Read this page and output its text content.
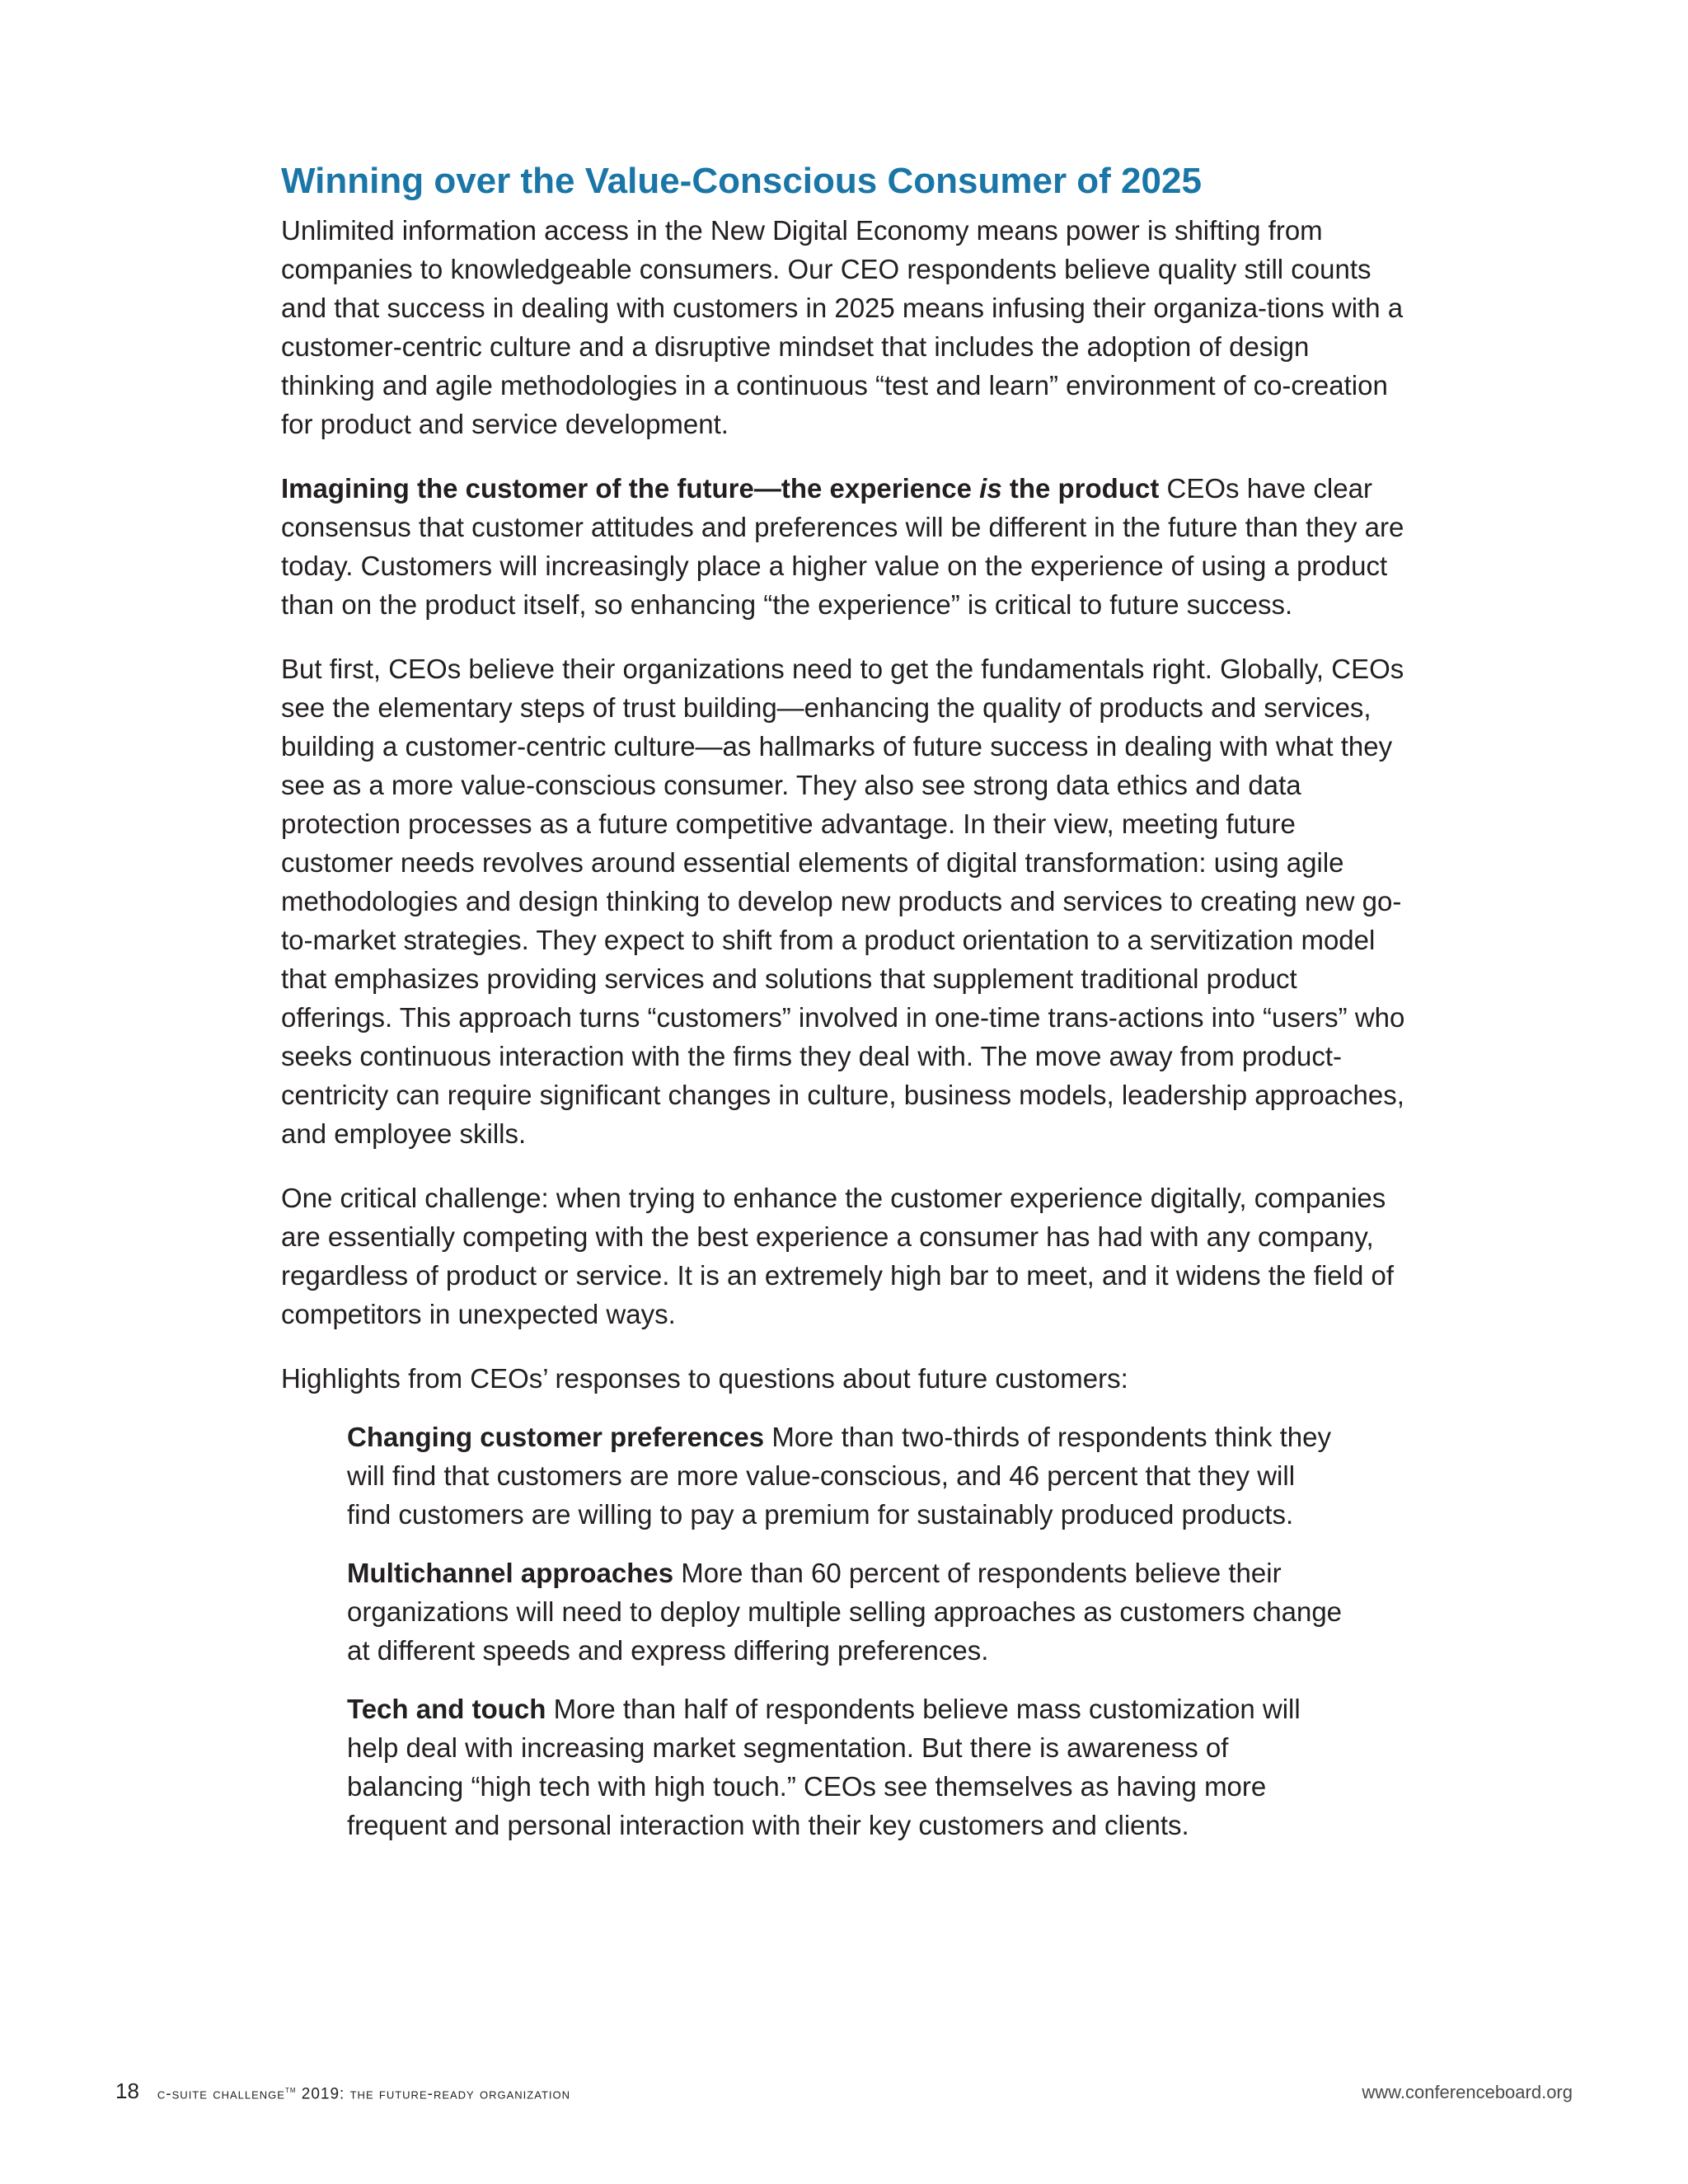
Winning over the Value-Conscious Consumer of 2025

Unlimited information access in the New Digital Economy means power is shifting from companies to knowledgeable consumers. Our CEO respondents believe quality still counts and that success in dealing with customers in 2025 means infusing their organiza-tions with a customer-centric culture and a disruptive mindset that includes the adoption of design thinking and agile methodologies in a continuous “test and learn” environment of co-creation for product and service development.

Imagining the customer of the future—the experience is the product CEOs have clear consensus that customer attitudes and preferences will be different in the future than they are today. Customers will increasingly place a higher value on the experience of using a product than on the product itself, so enhancing “the experience” is critical to future success.

But first, CEOs believe their organizations need to get the fundamentals right. Globally, CEOs see the elementary steps of trust building—enhancing the quality of products and services, building a customer-centric culture—as hallmarks of future success in dealing with what they see as a more value-conscious consumer. They also see strong data ethics and data protection processes as a future competitive advantage. In their view, meeting future customer needs revolves around essential elements of digital transformation: using agile methodologies and design thinking to develop new products and services to creating new go-to-market strategies. They expect to shift from a product orientation to a servitization model that emphasizes providing services and solutions that supplement traditional product offerings. This approach turns “customers” involved in one-time trans-actions into “users” who seeks continuous interaction with the firms they deal with. The move away from product-centricity can require significant changes in culture, business models, leadership approaches, and employee skills.

One critical challenge: when trying to enhance the customer experience digitally, companies are essentially competing with the best experience a consumer has had with any company, regardless of product or service. It is an extremely high bar to meet, and it widens the field of competitors in unexpected ways.

Highlights from CEOs’ responses to questions about future customers:

Changing customer preferences More than two-thirds of respondents think they will find that customers are more value-conscious, and 46 percent that they will find customers are willing to pay a premium for sustainably produced products.

Multichannel approaches More than 60 percent of respondents believe their organizations will need to deploy multiple selling approaches as customers change at different speeds and express differing preferences.

Tech and touch More than half of respondents believe mass customization will help deal with increasing market segmentation. But there is awareness of balancing “high tech with high touch.” CEOs see themselves as having more frequent and personal interaction with their key customers and clients.

18 c-suite challenge$^{tm}$ 2019: the future-ready organization	www.conferenceboard.org
